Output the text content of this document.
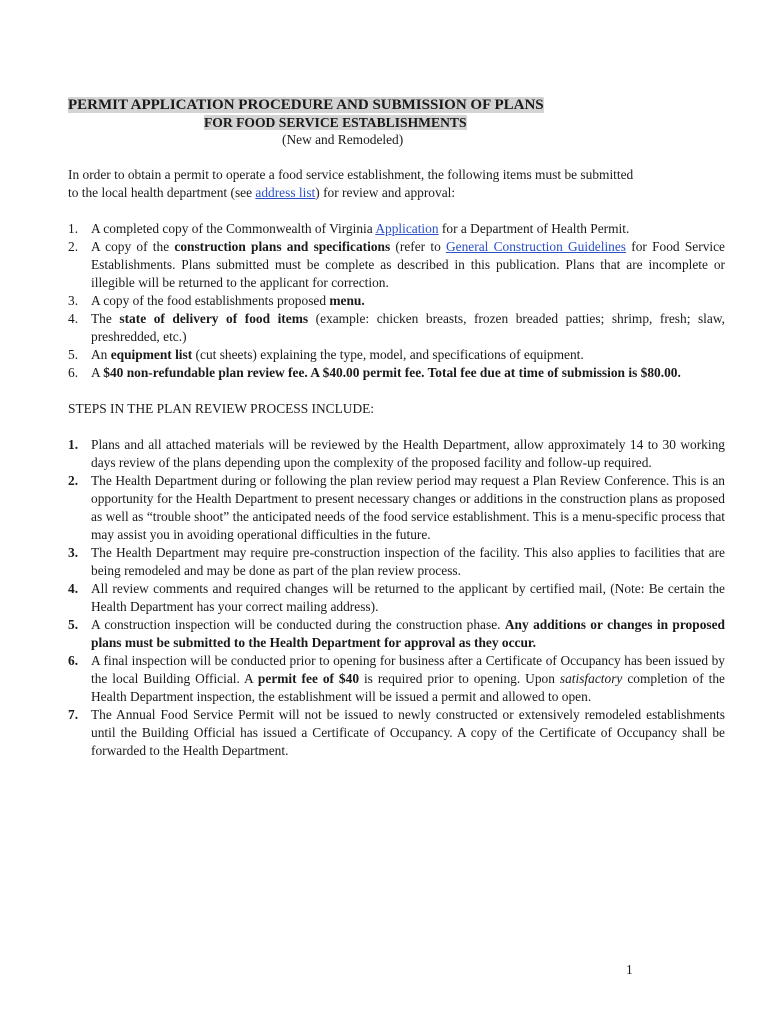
PERMIT APPLICATION PROCEDURE AND SUBMISSION OF PLANS
FOR FOOD SERVICE ESTABLISHMENTS
(New and Remodeled)
In order to obtain a permit to operate a food service establishment, the following items must be submitted to the local health department (see address list) for review and approval:
1. A completed copy of the Commonwealth of Virginia Application for a Department of Health Permit.
2. A copy of the construction plans and specifications (refer to General Construction Guidelines for Food Service Establishments. Plans submitted must be complete as described in this publication. Plans that are incomplete or illegible will be returned to the applicant for correction.
3. A copy of the food establishments proposed menu.
4. The state of delivery of food items (example: chicken breasts, frozen breaded patties; shrimp, fresh; slaw, preshredded, etc.)
5. An equipment list (cut sheets) explaining the type, model, and specifications of equipment.
6. A $40 non-refundable plan review fee. A $40.00 permit fee. Total fee due at time of submission is $80.00.
STEPS IN THE PLAN REVIEW PROCESS INCLUDE:
1. Plans and all attached materials will be reviewed by the Health Department, allow approximately 14 to 30 working days review of the plans depending upon the complexity of the proposed facility and follow-up required.
2. The Health Department during or following the plan review period may request a Plan Review Conference. This is an opportunity for the Health Department to present necessary changes or additions in the construction plans as proposed as well as “trouble shoot” the anticipated needs of the food service establishment. This is a menu-specific process that may assist you in avoiding operational difficulties in the future.
3. The Health Department may require pre-construction inspection of the facility. This also applies to facilities that are being remodeled and may be done as part of the plan review process.
4. All review comments and required changes will be returned to the applicant by certified mail, (Note: Be certain the Health Department has your correct mailing address).
5. A construction inspection will be conducted during the construction phase. Any additions or changes in proposed plans must be submitted to the Health Department for approval as they occur.
6. A final inspection will be conducted prior to opening for business after a Certificate of Occupancy has been issued by the local Building Official. A permit fee of $40 is required prior to opening. Upon satisfactory completion of the Health Department inspection, the establishment will be issued a permit and allowed to open.
7. The Annual Food Service Permit will not be issued to newly constructed or extensively remodeled establishments until the Building Official has issued a Certificate of Occupancy. A copy of the Certificate of Occupancy shall be forwarded to the Health Department.
1
